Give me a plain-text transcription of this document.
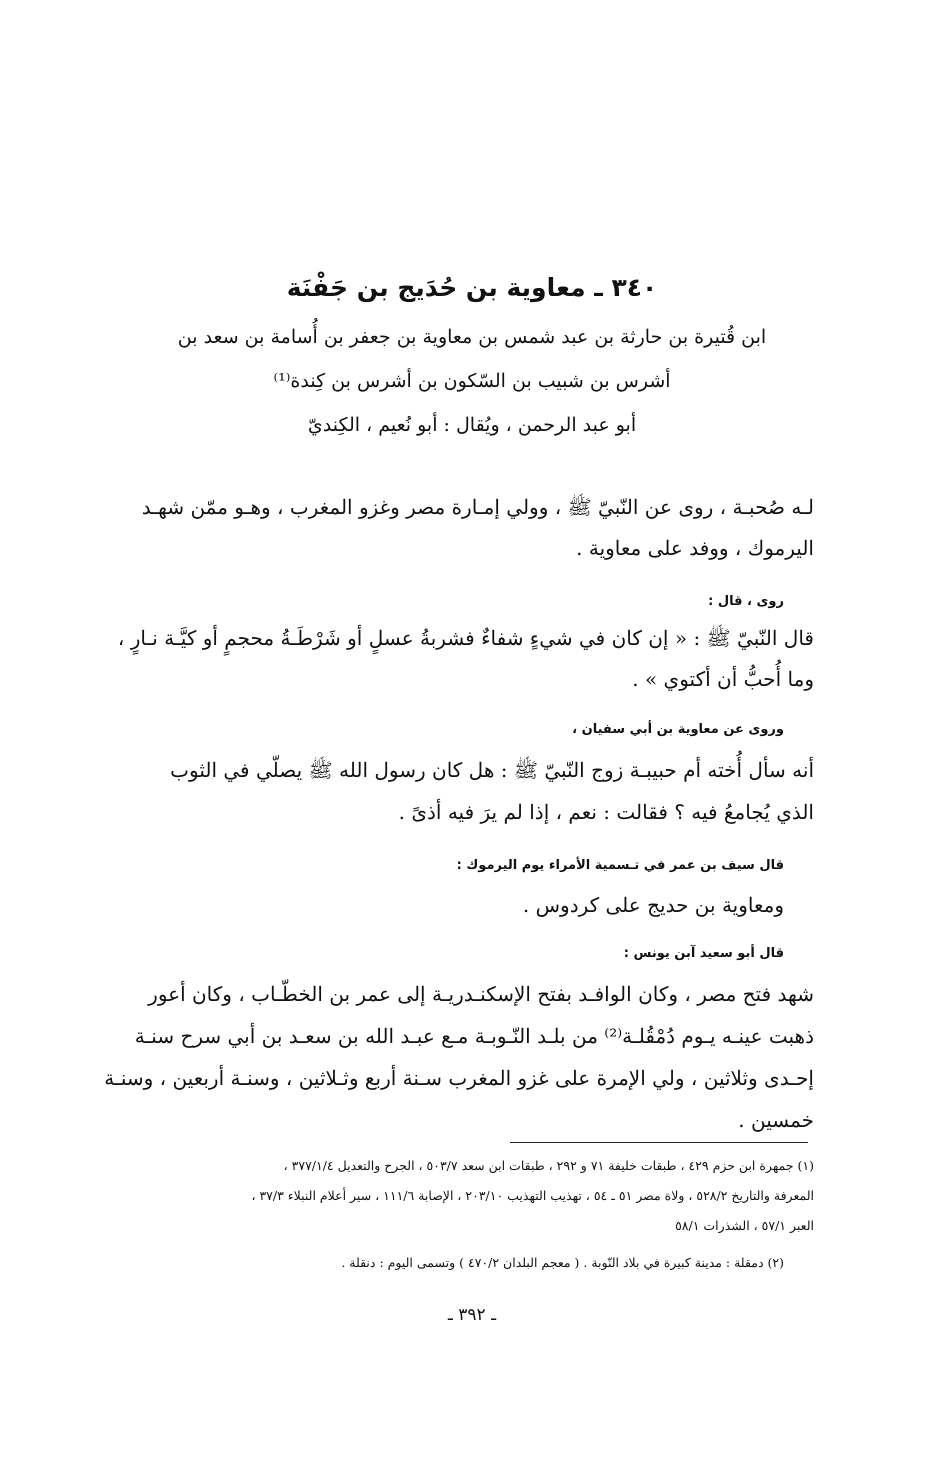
٣٤٠ ـ معاوية بن حُدَيج بن جَفْنَة
ابن قُتيرة بن حارثة بن عبد شمس بن معاوية بن جعفر بن أُسامة بن سعد بن
أشرس بن شبيب بن السّكون بن أشرس بن كِندة⁽¹⁾
أبو عبد الرحمن ، ويُقال : أبو نُعيم ، الكِنديّ
لـه صُحبـة ، روى عن النّبيّ ﷺ ، وولي إمـارة مصر وغزو المغرب ، وهـو ممّن شهـد
اليرموك ، ووفد على معاوية .
روى ، قال :
قال النّبيّ ﷺ : « إن كان في شيءٍ شفاءٌ فشربةُ عسلٍ أو شَرْطَـةُ محجمٍ أو كيَّـة نـارٍ ،
وما أُحبُّ أن أكتوي » .
وروى عن معاوية بن أبي سفيان ،
أنه سأل أُخته أم حبيبـة زوج النّبيّ ﷺ : هل كان رسول الله ﷺ يصلّي في الثوب
الذي يُجامعُ فيه ؟ فقالت : نعم ، إذا لم يرَ فيه أذىً .
قال سيف بن عمر في تـسمية الأمراء يوم اليرموك :
ومعاوية بن حديج على كردوس .
قال أبو سعيد آبن يونس :
شهد فتح مصر ، وكان الوافـد بفتح الإسكنـدريـة إلى عمر بن الخطّـاب ، وكان أعور
ذهبت عينـه يـوم دُمْقُلـة⁽²⁾ من بلـد النّـوبـة مـع عبـد الله بن سعـد بن أبي سرح سنـة
إحـدى وثلاثين ، ولي الإمرة على غزو المغرب سـنة أربع وثـلاثين ، وسنـة أربعين ، وسنـة
خمسين .
(١) جمهرة ابن حزم ٤٢٩ ، طبقات خليفة ٧١ و ٢٩٢ ، طبقات ابن سعد ٥٠٣/٧ ، الجرح والتعديل ٣٧٧/١/٤ ،
المعرفة والتاريخ ٥٢٨/٢ ، ولاة مصر ٥١ ـ ٥٤ ، تهذيب التهذيب ٢٠٣/١٠ ، الإصابة ١١١/٦ ، سير أعلام النبلاء ٣٧/٣ ،
العبر ٥٧/١ ، الشذرات ٥٨/١
(٢) دمقلة : مدينة كبيرة في بلاد النّوبة . ( معجم البلدان ٤٧٠/٢ ) وتسمى اليوم : دنقلة .
ـ ٣٩٢ ـ
